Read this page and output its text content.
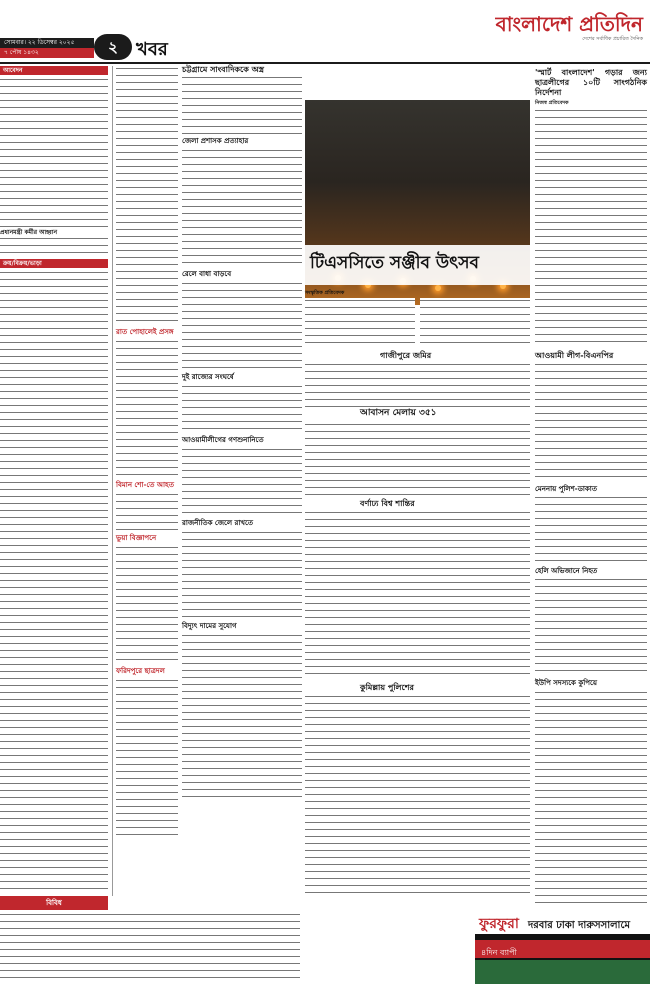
সোমবার। ২২ ডিসেম্বর ২০২৫
৭ পৌষ ১৪৩২	২	খবর
বাংলাদেশ প্রতিদিন
দেশের সর্বাধিক প্রচারিত দৈনিক
আবেদন
প্রধানমন্ত্রী কর্মীর আহ্বান
ক্রয়/বিক্রয়/ভাড়া
রাত পোহালেই প্রসঙ্গ
বিমান শো-তে আহত
ভুয়া বিজ্ঞাপনে
ফরিদপুরে ছাত্রদল
চট্টগ্রামে সাংবাদিককে অস্ত্র
জেলা প্রশাসক প্রত্যাহার
রেলে বাধা বাড়বে
দুই রাজ্যের সংঘর্ষে
আওয়ামীলীগের গণশুনানিতে
রাজনীতিক জেলে রাখতে
বিদ্যুৎ দামের সুযোগ
টিএসসিতে সঞ্জীব উৎসব
সংস্কৃতিক প্রতিবেদক
গাজীপুরে জমির
আবাসন মেলায় ৩৫১
বর্ণাঢ্য বিশ্ব শান্তির
কুমিল্লায় পুলিশের
'স্মার্ট বাংলাদেশ' গড়ার জন্য ছাত্রলীগের ১০টি সাংগঠনিক নির্দেশনা
নিজস্ব প্রতিবেদক
আওয়ামী লীগ-বিএনপির
মেননায় পুলিশ-ডাকাত
হেলি অভিজানে নিহত
ইউপি সদস্যকে কুপিয়ে
বিবিধ
ফুরফুরা দরবার ঢাকা দারুসসালামে
৪দিন ব্যাপী
